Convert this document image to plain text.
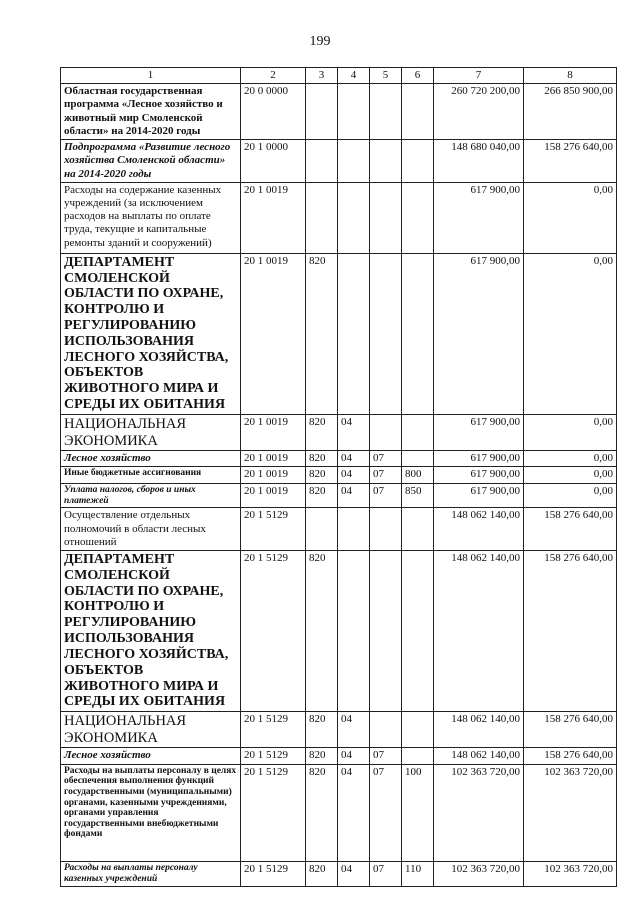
199
1	2	3	4	5	6	7	8
Областная государственная программа «Лесное хозяйство и животный мир Смоленской области» на 2014-2020 годы	20 0 0000					260 720 200,00	266 850 900,00
Подпрограмма «Развитие лесного хозяйства Смоленской области» на 2014-2020 годы	20 1 0000					148 680 040,00	158 276 640,00
Расходы на содержание казенных учреждений (за исключением расходов на выплаты по оплате труда, текущие и капитальные ремонты зданий и сооружений)	20 1 0019					617 900,00	0,00
ДЕПАРТАМЕНТ СМОЛЕНСКОЙ ОБЛАСТИ ПО ОХРАНЕ, КОНТРОЛЮ И РЕГУЛИРОВАНИЮ ИСПОЛЬЗОВАНИЯ ЛЕСНОГО ХОЗЯЙСТВА, ОБЪЕКТОВ ЖИВОТНОГО МИРА И СРЕДЫ ИХ ОБИТАНИЯ	20 1 0019	820				617 900,00	0,00
НАЦИОНАЛЬНАЯ ЭКОНОМИКА	20 1 0019	820	04			617 900,00	0,00
Лесное хозяйство	20 1 0019	820	04	07		617 900,00	0,00
Иные бюджетные ассигнования	20 1 0019	820	04	07	800	617 900,00	0,00
Уплата налогов, сборов и иных платежей	20 1 0019	820	04	07	850	617 900,00	0,00
Осуществление отдельных полномочий в области лесных отношений	20 1 5129					148 062 140,00	158 276 640,00
ДЕПАРТАМЕНТ СМОЛЕНСКОЙ ОБЛАСТИ ПО ОХРАНЕ, КОНТРОЛЮ И РЕГУЛИРОВАНИЮ ИСПОЛЬЗОВАНИЯ ЛЕСНОГО ХОЗЯЙСТВА, ОБЪЕКТОВ ЖИВОТНОГО МИРА И СРЕДЫ ИХ ОБИТАНИЯ	20 1 5129	820				148 062 140,00	158 276 640,00
НАЦИОНАЛЬНАЯ ЭКОНОМИКА	20 1 5129	820	04			148 062 140,00	158 276 640,00
Лесное хозяйство	20 1 5129	820	04	07		148 062 140,00	158 276 640,00
Расходы на выплаты персоналу в целях обеспечения выполнения функций государственными (муниципальными) органами, казенными учреждениями, органами управления государственными внебюджетными фондами	20 1 5129	820	04	07	100	102 363 720,00	102 363 720,00
Расходы на выплаты персоналу казенных учреждений	20 1 5129	820	04	07	110	102 363 720,00	102 363 720,00
